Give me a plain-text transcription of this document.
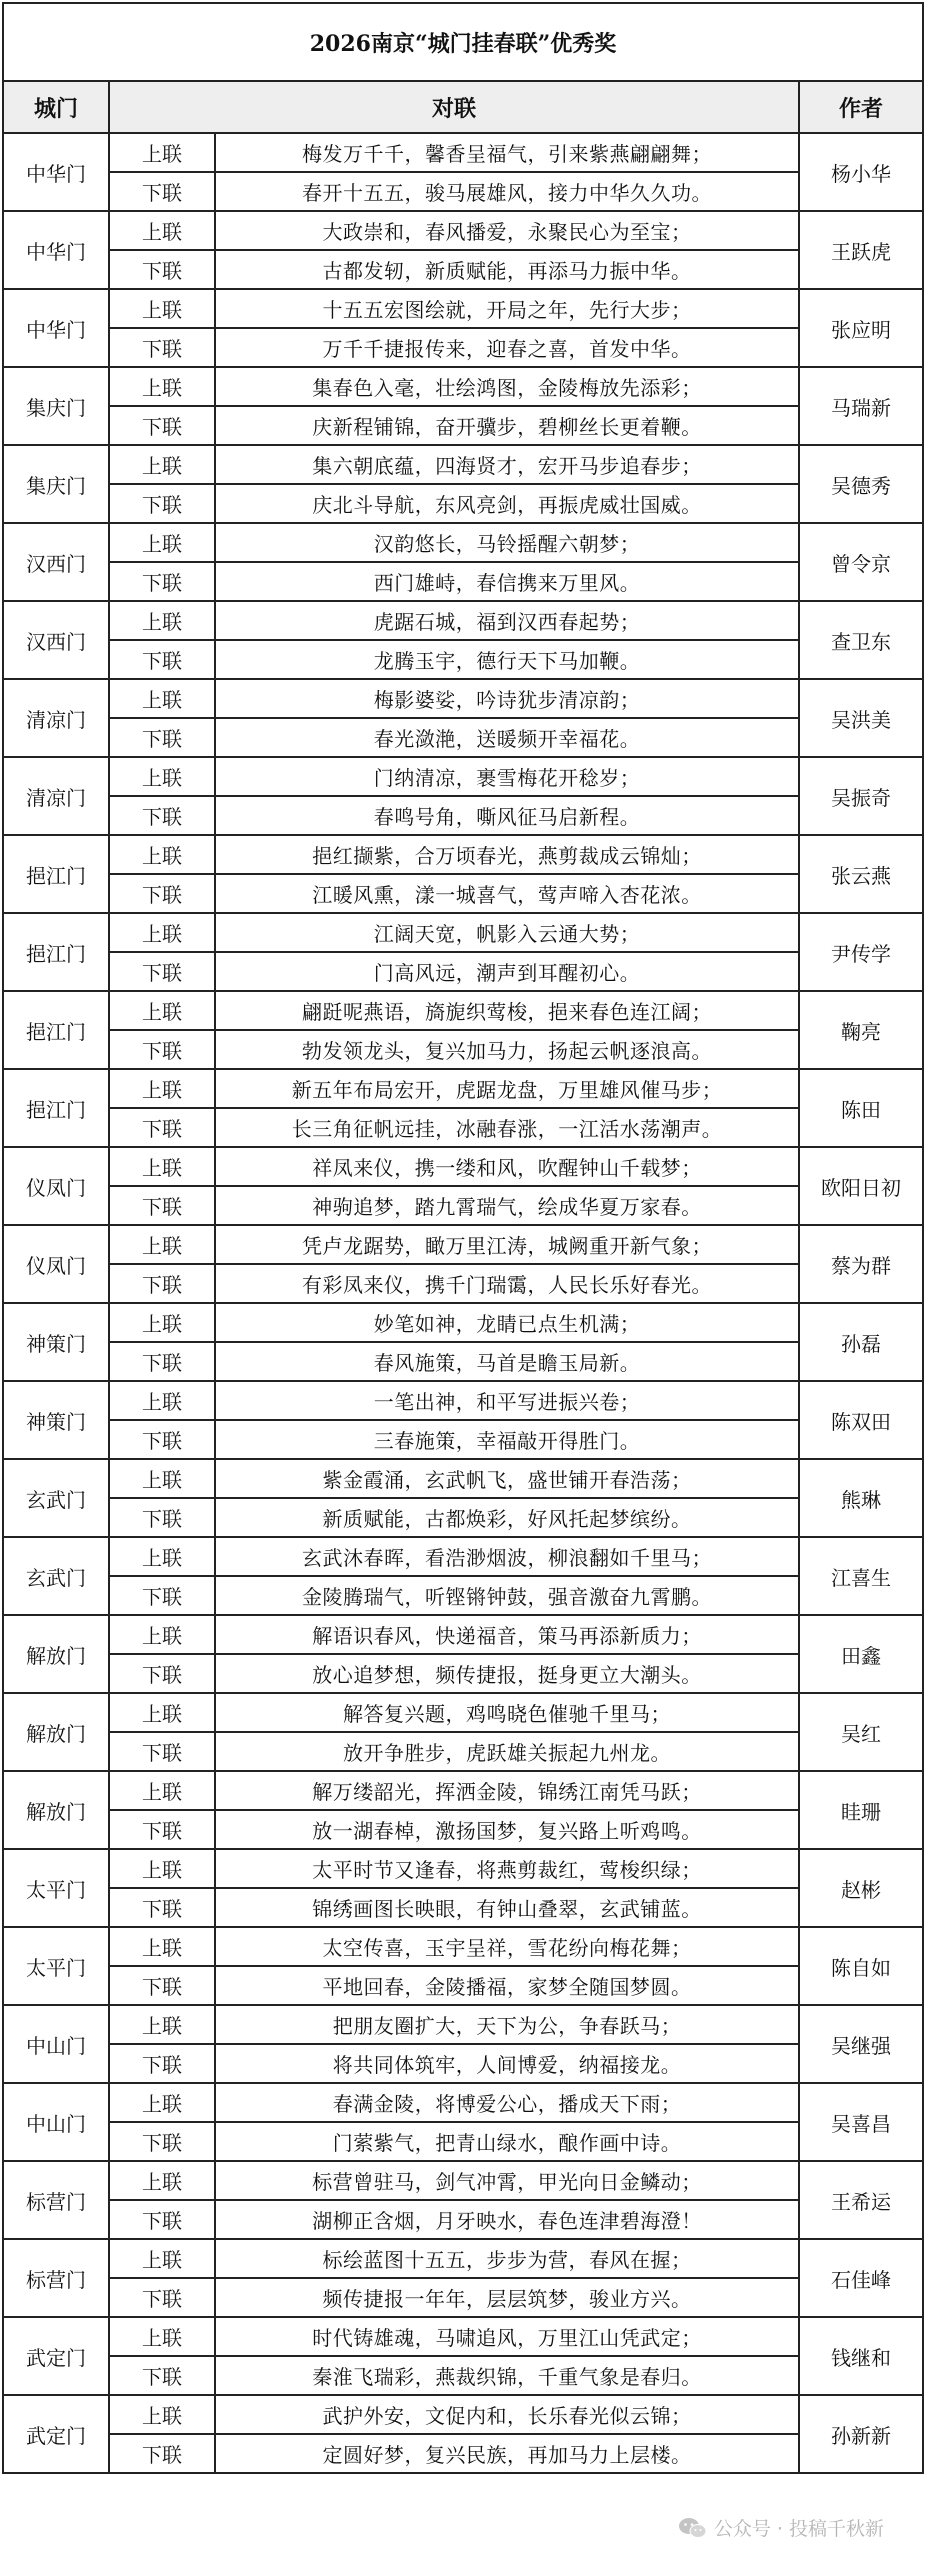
2026南京“城门挂春联”优秀奖			
城门	对联		作者
中华门	上联	梅发万千千，馨香呈福气，引来紫燕翩翩舞；	杨小华
	下联	春开十五五，骏马展雄风，接力中华久久功。	
中华门	上联	大政崇和，春风播爱，永聚民心为至宝；	王跃虎
	下联	古都发轫，新质赋能，再添马力振中华。	
中华门	上联	十五五宏图绘就，开局之年，先行大步；	张应明
	下联	万千千捷报传来，迎春之喜，首发中华。	
集庆门	上联	集春色入毫，壮绘鸿图，金陵梅放先添彩；	马瑞新
	下联	庆新程铺锦，奋开骥步，碧柳丝长更着鞭。	
集庆门	上联	集六朝底蕴，四海贤才，宏开马步追春步；	吴德秀
	下联	庆北斗导航，东风亮剑，再振虎威壮国威。	
汉西门	上联	汉韵悠长，马铃摇醒六朝梦；	曾令京
	下联	西门雄峙，春信携来万里风。	
汉西门	上联	虎踞石城，福到汉西春起势；	查卫东
	下联	龙腾玉宇，德行天下马加鞭。	
清凉门	上联	梅影婆娑，吟诗犹步清凉韵；	吴洪美
	下联	春光潋滟，送暖频开幸福花。	
清凉门	上联	门纳清凉，裹雪梅花开稔岁；	吴振奇
	下联	春鸣号角，嘶风征马启新程。	
挹江门	上联	挹红撷紫，合万顷春光，燕剪裁成云锦灿；	张云燕
	下联	江暖风熏，漾一城喜气，莺声啼入杏花浓。	
挹江门	上联	江阔天宽，帆影入云通大势；	尹传学
	下联	门高风远，潮声到耳醒初心。	
挹江门	上联	翩跹呢燕语，旖旎织莺梭，挹来春色连江阔；	鞠亮
	下联	勃发领龙头，复兴加马力，扬起云帆逐浪高。	
挹江门	上联	新五年布局宏开，虎踞龙盘，万里雄风催马步；	陈田
	下联	长三角征帆远挂，冰融春涨，一江活水荡潮声。	
仪凤门	上联	祥凤来仪，携一缕和风，吹醒钟山千载梦；	欧阳日初
	下联	神驹追梦，踏九霄瑞气，绘成华夏万家春。	
仪凤门	上联	凭卢龙踞势，瞰万里江涛，城阙重开新气象；	蔡为群
	下联	有彩凤来仪，携千门瑞霭，人民长乐好春光。	
神策门	上联	妙笔如神，龙睛已点生机满；	孙磊
	下联	春风施策，马首是瞻玉局新。	
神策门	上联	一笔出神，和平写进振兴卷；	陈双田
	下联	三春施策，幸福敲开得胜门。	
玄武门	上联	紫金霞涌，玄武帆飞，盛世铺开春浩荡；	熊琳
	下联	新质赋能，古都焕彩，好风托起梦缤纷。	
玄武门	上联	玄武沐春晖，看浩渺烟波，柳浪翻如千里马；	江喜生
	下联	金陵腾瑞气，听铿锵钟鼓，强音激奋九霄鹏。	
解放门	上联	解语识春风，快递福音，策马再添新质力；	田鑫
	下联	放心追梦想，频传捷报，挺身更立大潮头。	
解放门	上联	解答复兴题，鸡鸣晓色催驰千里马；	吴红
	下联	放开争胜步，虎跃雄关振起九州龙。	
解放门	上联	解万缕韶光，挥洒金陵，锦绣江南凭马跃；	眭珊
	下联	放一湖春棹，激扬国梦，复兴路上听鸡鸣。	
太平门	上联	太平时节又逢春，将燕剪裁红，莺梭织绿；	赵彬
	下联	锦绣画图长映眼，有钟山叠翠，玄武铺蓝。	
太平门	上联	太空传喜，玉宇呈祥，雪花纷向梅花舞；	陈自如
	下联	平地回春，金陵播福，家梦全随国梦圆。	
中山门	上联	把朋友圈扩大，天下为公，争春跃马；	吴继强
	下联	将共同体筑牢，人间博爱，纳福接龙。	
中山门	上联	春满金陵，将博爱公心，播成天下雨；	吴喜昌
	下联	门萦紫气，把青山绿水，酿作画中诗。	
标营门	上联	标营曾驻马，剑气冲霄，甲光向日金鳞动；	王希运
	下联	湖柳正含烟，月牙映水，春色连津碧海澄！	
标营门	上联	标绘蓝图十五五，步步为营，春风在握；	石佳峰
	下联	频传捷报一年年，层层筑梦，骏业方兴。	
武定门	上联	时代铸雄魂，马啸追风，万里江山凭武定；	钱继和
	下联	秦淮飞瑞彩，燕裁织锦，千重气象是春归。	
武定门	上联	武护外安，文促内和，长乐春光似云锦；	孙新新
	下联	定圆好梦，复兴民族，再加马力上层楼。	
公众号 · 投稿千秋新
